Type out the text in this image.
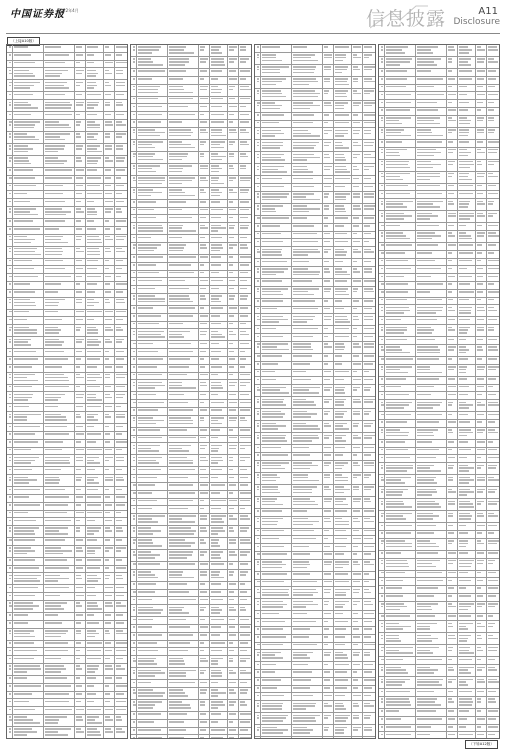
中国证券报
2022年4月	信息披露	A11
Disclosure
（上接A10版）
（下转A12版）
